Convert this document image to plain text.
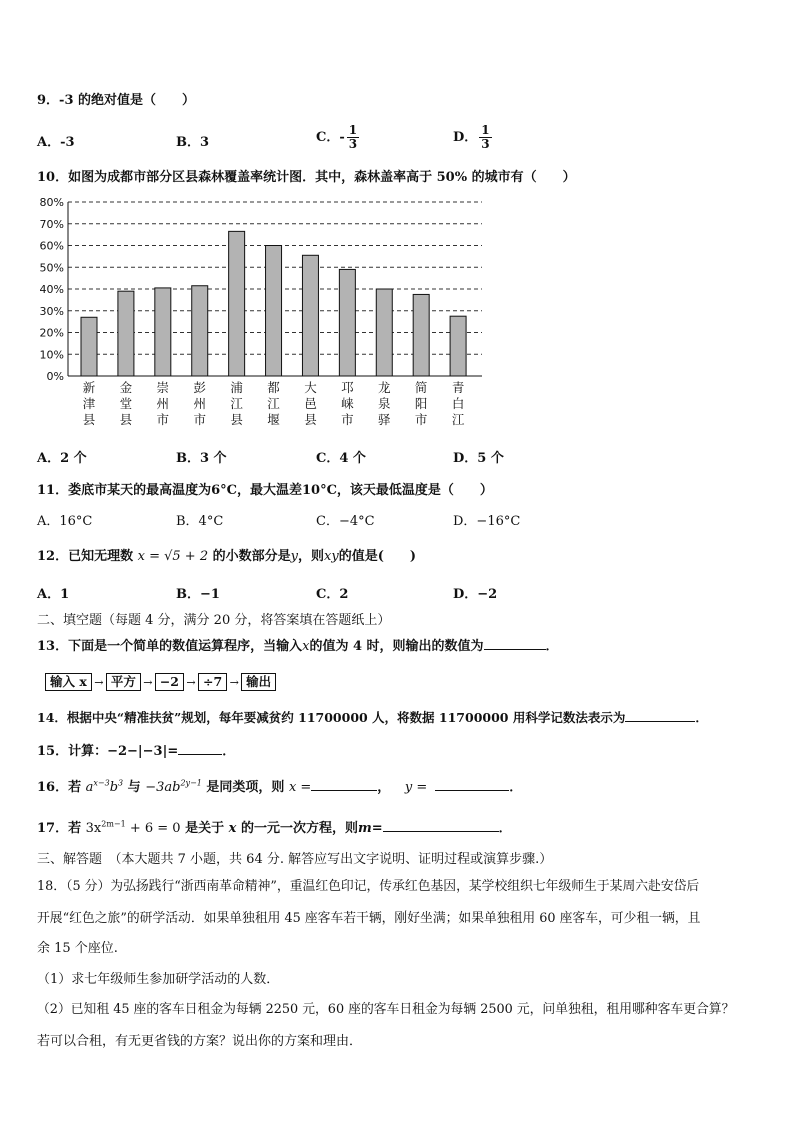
9．-3 的绝对值是（　　）
A．-3	B．3	C．- $\frac{1}{3}$	D． $\frac{1}{3}$
10．如图为成都市部分区县森林覆盖率统计图．其中，森林盖率高于 50% 的城市有（　　）
0%
10%
20%
30%
40%
50%
60%
70%
80%
新津县
金堂县
崇州市
彭州市
浦江县
都江堰
大邑县
邛崃市
龙泉驿
简阳市
青白江
A．2 个	B．3 个	C．4 个	D．5 个
11．娄底市某天的最高温度为6°C，最大温差10°C，该天最低温度是（　　）
A．16°C	B．4°C	C．−4°C	D．−16°C
12．已知无理数 x = √5 + 2 的小数部分是y，则xy的值是(　　)
A．1	B．−1	C．2	D．−2
二、填空题（每题 4 分，满分 20 分，将答案填在答题纸上）
13．下面是一个简单的数值运算程序，当输入x的值为 4 时，则输出的数值为	．
输入 x → 平方 → −2 → ÷7 → 输出
14．根据中央“精准扶贫”规划，每年要减贫约 11700000 人，将数据 11700000 用科学记数法表示为	．
15．计算：−2−|−3|=	．
16．若 $a^{x-3}b^3$ 与 $-3ab^{2y-1}$ 是同类项，则 x =	， y =	．
17．若 $3x^{2m-1} + 6 = 0$ 是关于 x 的一元一次方程，则m=	．
三、解答题　（本大题共 7 小题，共 64 分. 解答应写出文字说明、证明过程或演算步骤.）
18．（5 分）为弘扬践行“浙西南革命精神”，重温红色印记，传承红色基因，某学校组织七年级师生于某周六赴安岱后
开展“红色之旅”的研学活动．如果单独租用 45 座客车若干辆，刚好坐满；如果单独租用 60 座客车，可少租一辆，且
余 15 个座位.
（1）求七年级师生参加研学活动的人数．
（2）已知租 45 座的客车日租金为每辆 2250 元，60 座的客车日租金为每辆 2500 元，问单独租，租用哪种客车更合算？
若可以合租，有无更省钱的方案？说出你的方案和理由．
